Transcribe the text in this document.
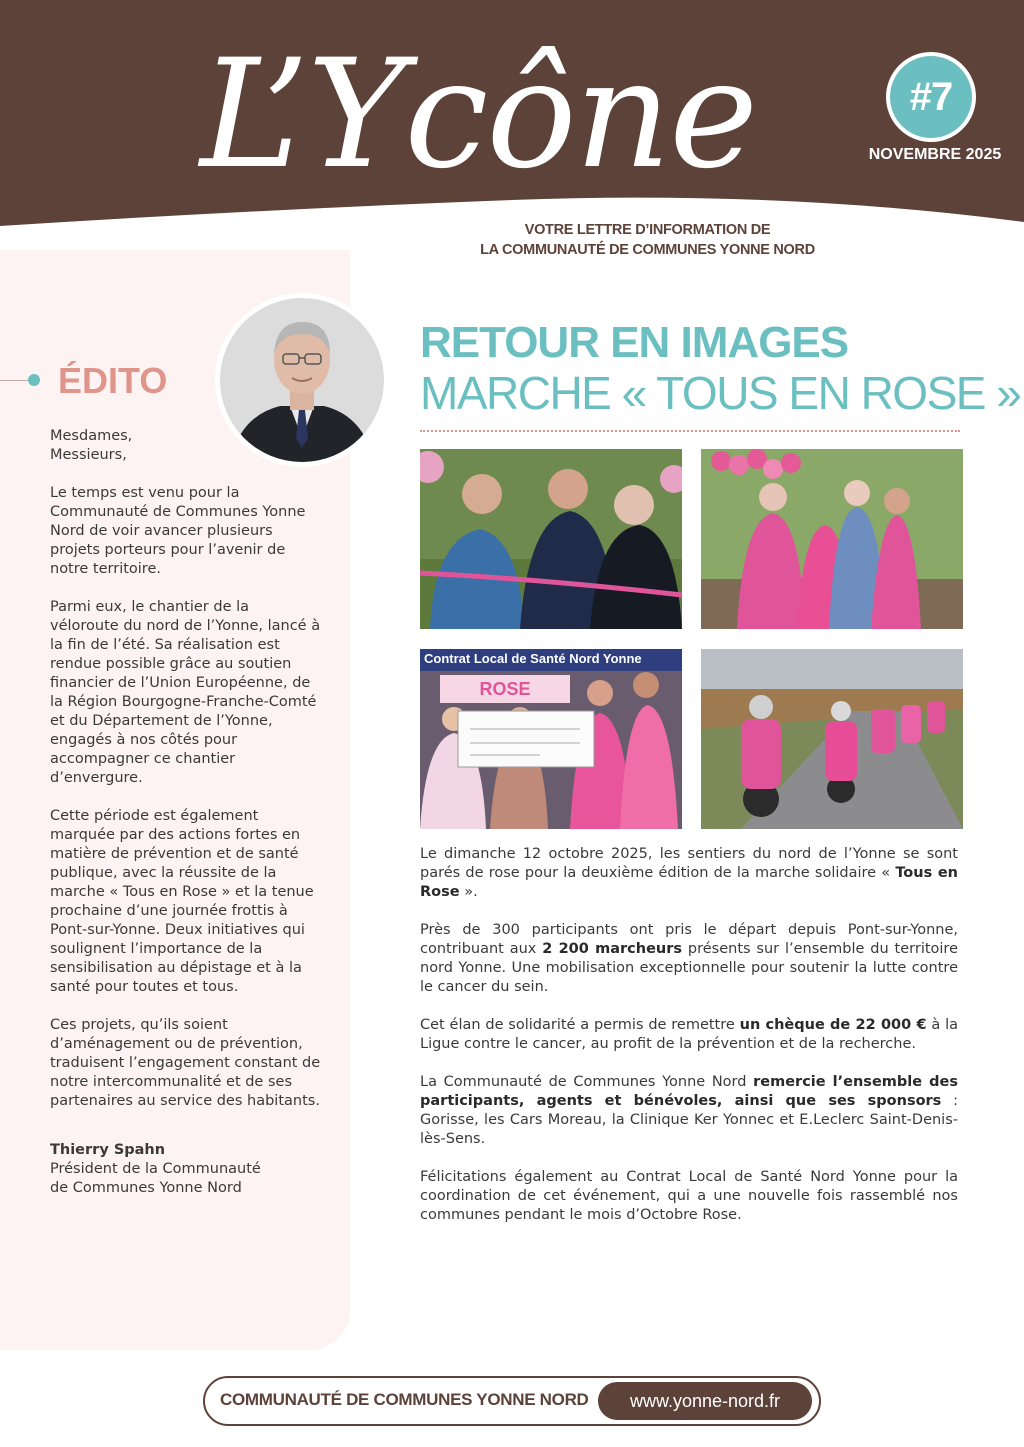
L’Ycône	#7
NOVEMBRE 2025
VOTRE LETTRE D’INFORMATION DE
LA COMMUNAUTÉ DE COMMUNES YONNE NORD
ÉDITO

Mesdames,
Messieurs,

Le temps est venu pour la Communauté de Communes Yonne Nord de voir avancer plusieurs projets porteurs pour l’avenir de notre territoire.

Parmi eux, le chantier de la véloroute du nord de l’Yonne, lancé à la fin de l’été. Sa réalisation est rendue possible grâce au soutien financier de l’Union Européenne, de la Région Bourgogne-Franche-Comté et du Département de l’Yonne, engagés à nos côtés pour accompagner ce chantier d’envergure.

Cette période est également marquée par des actions fortes en matière de prévention et de santé publique, avec la réussite de la marche « Tous en Rose » et la tenue prochaine d’une journée frottis à Pont-sur-Yonne. Deux initiatives qui soulignent l’importance de la sensibilisation au dépistage et à la santé pour toutes et tous.

Ces projets, qu’ils soient d’aménagement ou de prévention, traduisent l’engagement constant de notre intercommunalité et de ses partenaires au service des habitants.

Thierry Spahn
Président de la Communauté
de Communes Yonne Nord

RETOUR EN IMAGES
MARCHE « TOUS EN ROSE »
ROSE
Contrat Local de Santé Nord Yonne

Le dimanche 12 octobre 2025, les sentiers du nord de l’Yonne se sont parés de rose pour la deuxième édition de la marche solidaire « Tous en Rose ».

Près de 300 participants ont pris le départ depuis Pont-sur-Yonne, contribuant aux 2 200 marcheurs présents sur l’ensemble du territoire nord Yonne. Une mobilisation exceptionnelle pour soutenir la lutte contre le cancer du sein.

Cet élan de solidarité a permis de remettre un chèque de 22 000 € à la Ligue contre le cancer, au profit de la prévention et de la recherche.

La Communauté de Communes Yonne Nord remercie l’ensemble des participants, agents et bénévoles, ainsi que ses sponsors : Gorisse, les Cars Moreau, la Clinique Ker Yonnec et E.Leclerc Saint-Denis-lès-Sens.

Félicitations également au Contrat Local de Santé Nord Yonne pour la coordination de cet événement, qui a une nouvelle fois rassemblé nos communes pendant le mois d’Octobre Rose.

COMMUNAUTÉ DE COMMUNES YONNE NORD	www.yonne-nord.fr
